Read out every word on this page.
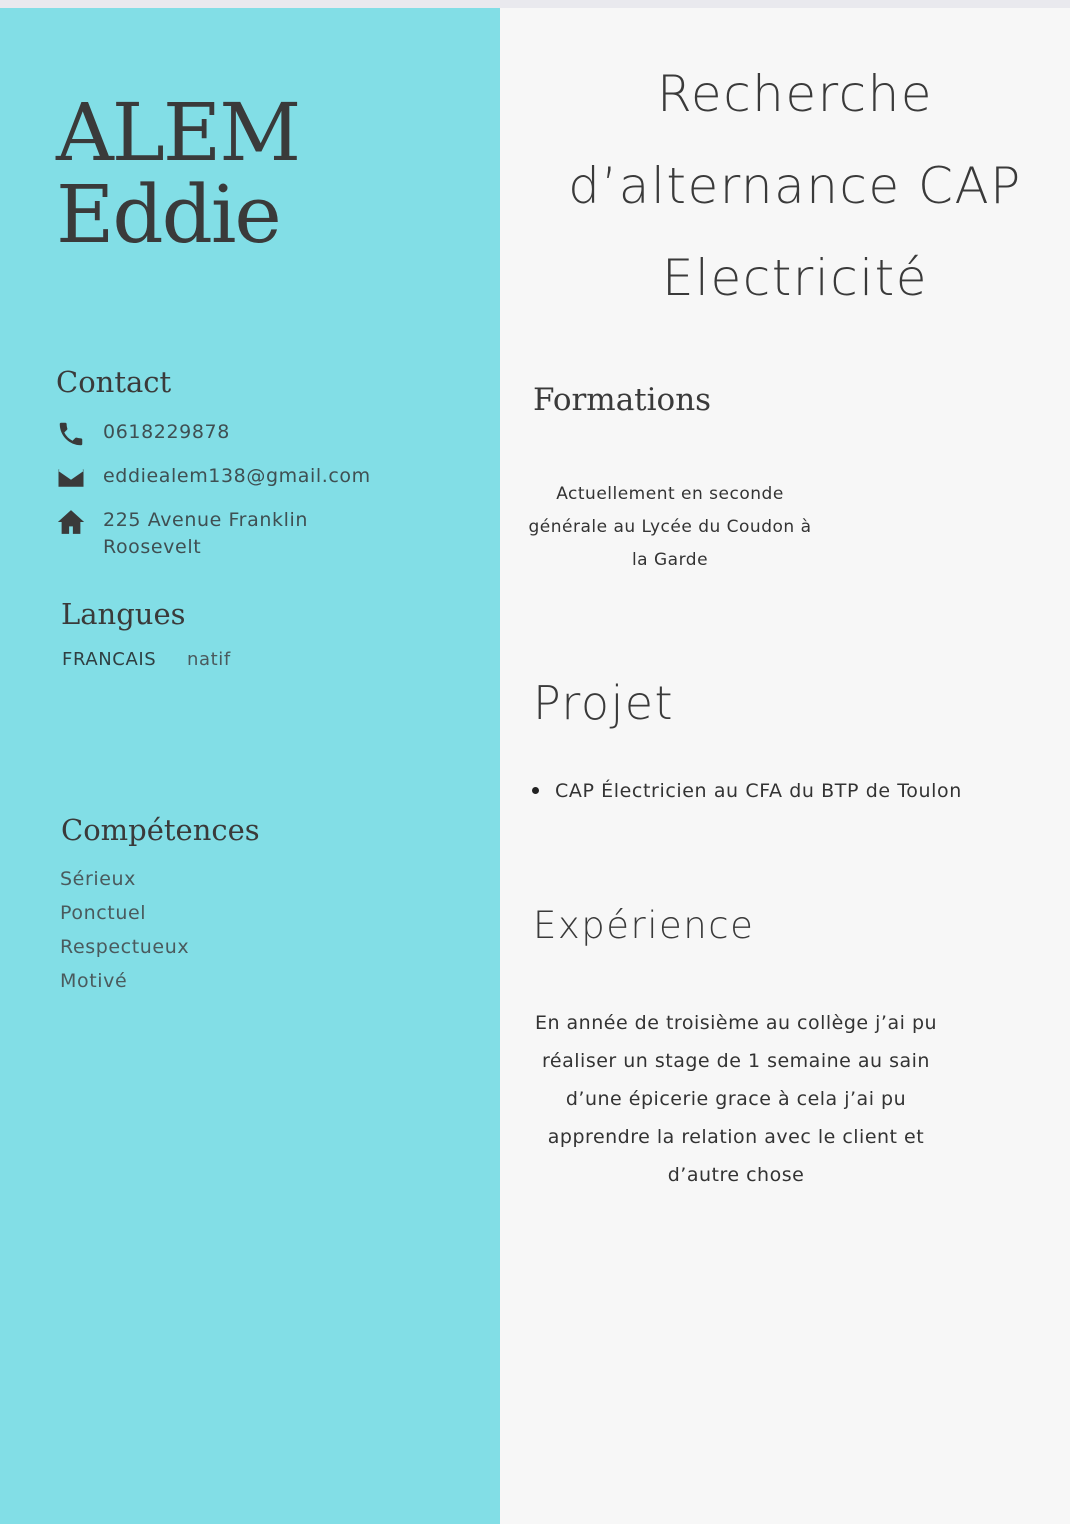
ALEM
Eddie
Contact
0618229878
eddiealem138@gmail.com
225 Avenue Franklin
Roosevelt
Langues
FRANCAIS natif
Compétences
Sérieux
Ponctuel
Respectueux
Motivé
Recherche
d’alternance CAP
Electricité
Formations
Actuellement en seconde
générale au Lycée du Coudon à
la Garde
Projet
CAP Électricien au CFA du BTP de Toulon
Expérience
En année de troisième au collège j’ai pu
réaliser un stage de 1 semaine au sain
d’une épicerie grace à cela j’ai pu
apprendre la relation avec le client et
d’autre chose
